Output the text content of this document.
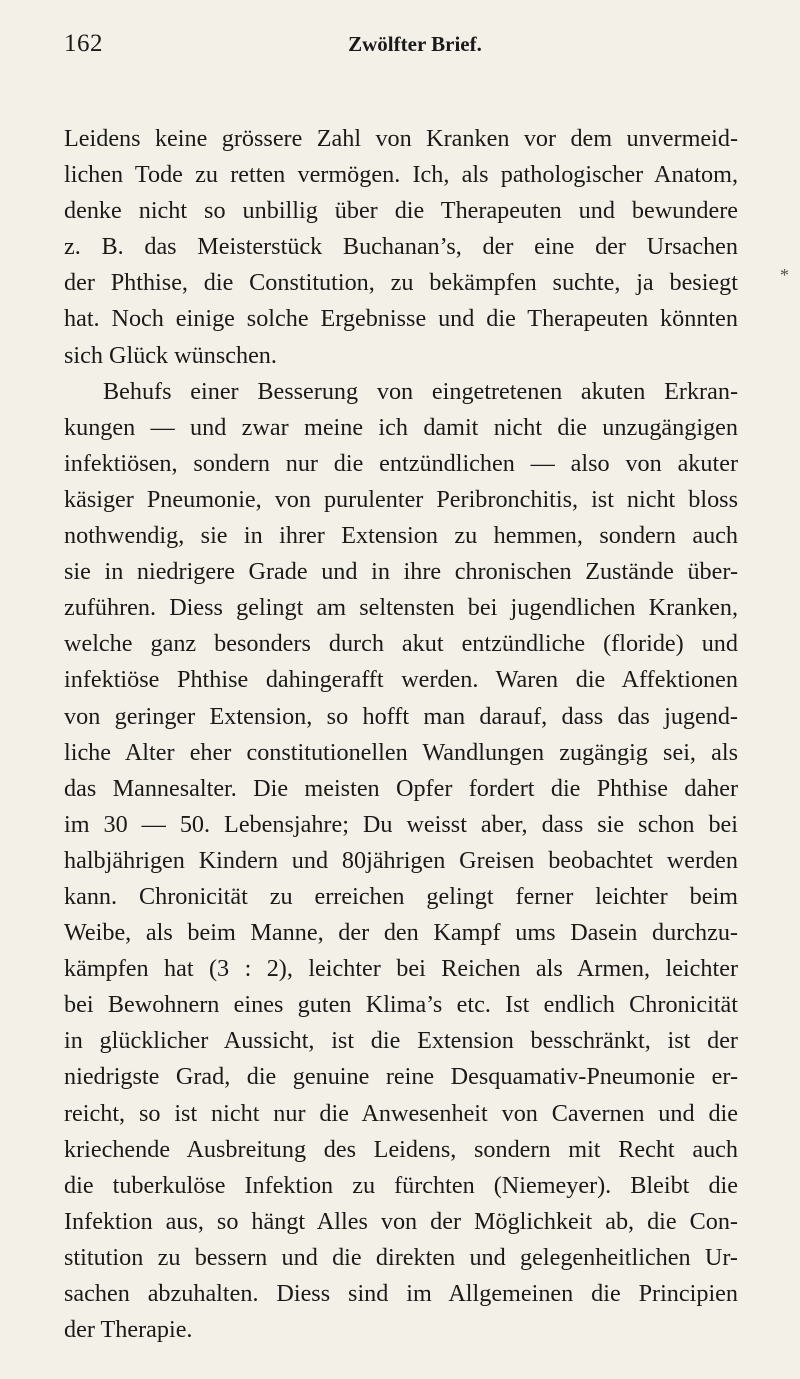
162	Zwölfter Brief.
*

Leidens keine grössere Zahl von Kranken vor dem unvermeid-
lichen Tode zu retten vermögen. Ich, als pathologischer Anatom,
denke nicht so unbillig über die Therapeuten und bewundere
z. B. das Meisterstück Buchanan’s, der eine der Ursachen
der Phthise, die Constitution, zu bekämpfen suchte, ja besiegt
hat. Noch einige solche Ergebnisse und die Therapeuten könnten
sich Glück wünschen.

Behufs einer Besserung von eingetretenen akuten Erkran-
kungen — und zwar meine ich damit nicht die unzugängigen
infektiösen, sondern nur die entzündlichen — also von akuter
käsiger Pneumonie, von purulenter Peribronchitis, ist nicht bloss
nothwendig, sie in ihrer Extension zu hemmen, sondern auch
sie in niedrigere Grade und in ihre chronischen Zustände über-
zuführen. Diess gelingt am seltensten bei jugendlichen Kranken,
welche ganz besonders durch akut entzündliche (floride) und
infektiöse Phthise dahingerafft werden. Waren die Affektionen
von geringer Extension, so hofft man darauf, dass das jugend-
liche Alter eher constitutionellen Wandlungen zugängig sei, als
das Mannesalter. Die meisten Opfer fordert die Phthise daher
im 30 — 50. Lebensjahre; Du weisst aber, dass sie schon bei
halbjährigen Kindern und 80jährigen Greisen beobachtet werden
kann. Chronicität zu erreichen gelingt ferner leichter beim
Weibe, als beim Manne, der den Kampf ums Dasein durchzu-
kämpfen hat (3 : 2), leichter bei Reichen als Armen, leichter
bei Bewohnern eines guten Klima’s etc. Ist endlich Chronicität
in glücklicher Aussicht, ist die Extension besschränkt, ist der
niedrigste Grad, die genuine reine Desquamativ-Pneumonie er-
reicht, so ist nicht nur die Anwesenheit von Cavernen und die
kriechende Ausbreitung des Leidens, sondern mit Recht auch
die tuberkulöse Infektion zu fürchten (Niemeyer). Bleibt die
Infektion aus, so hängt Alles von der Möglichkeit ab, die Con-
stitution zu bessern und die direkten und gelegenheitlichen Ur-
sachen abzuhalten. Diess sind im Allgemeinen die Principien
der Therapie.
